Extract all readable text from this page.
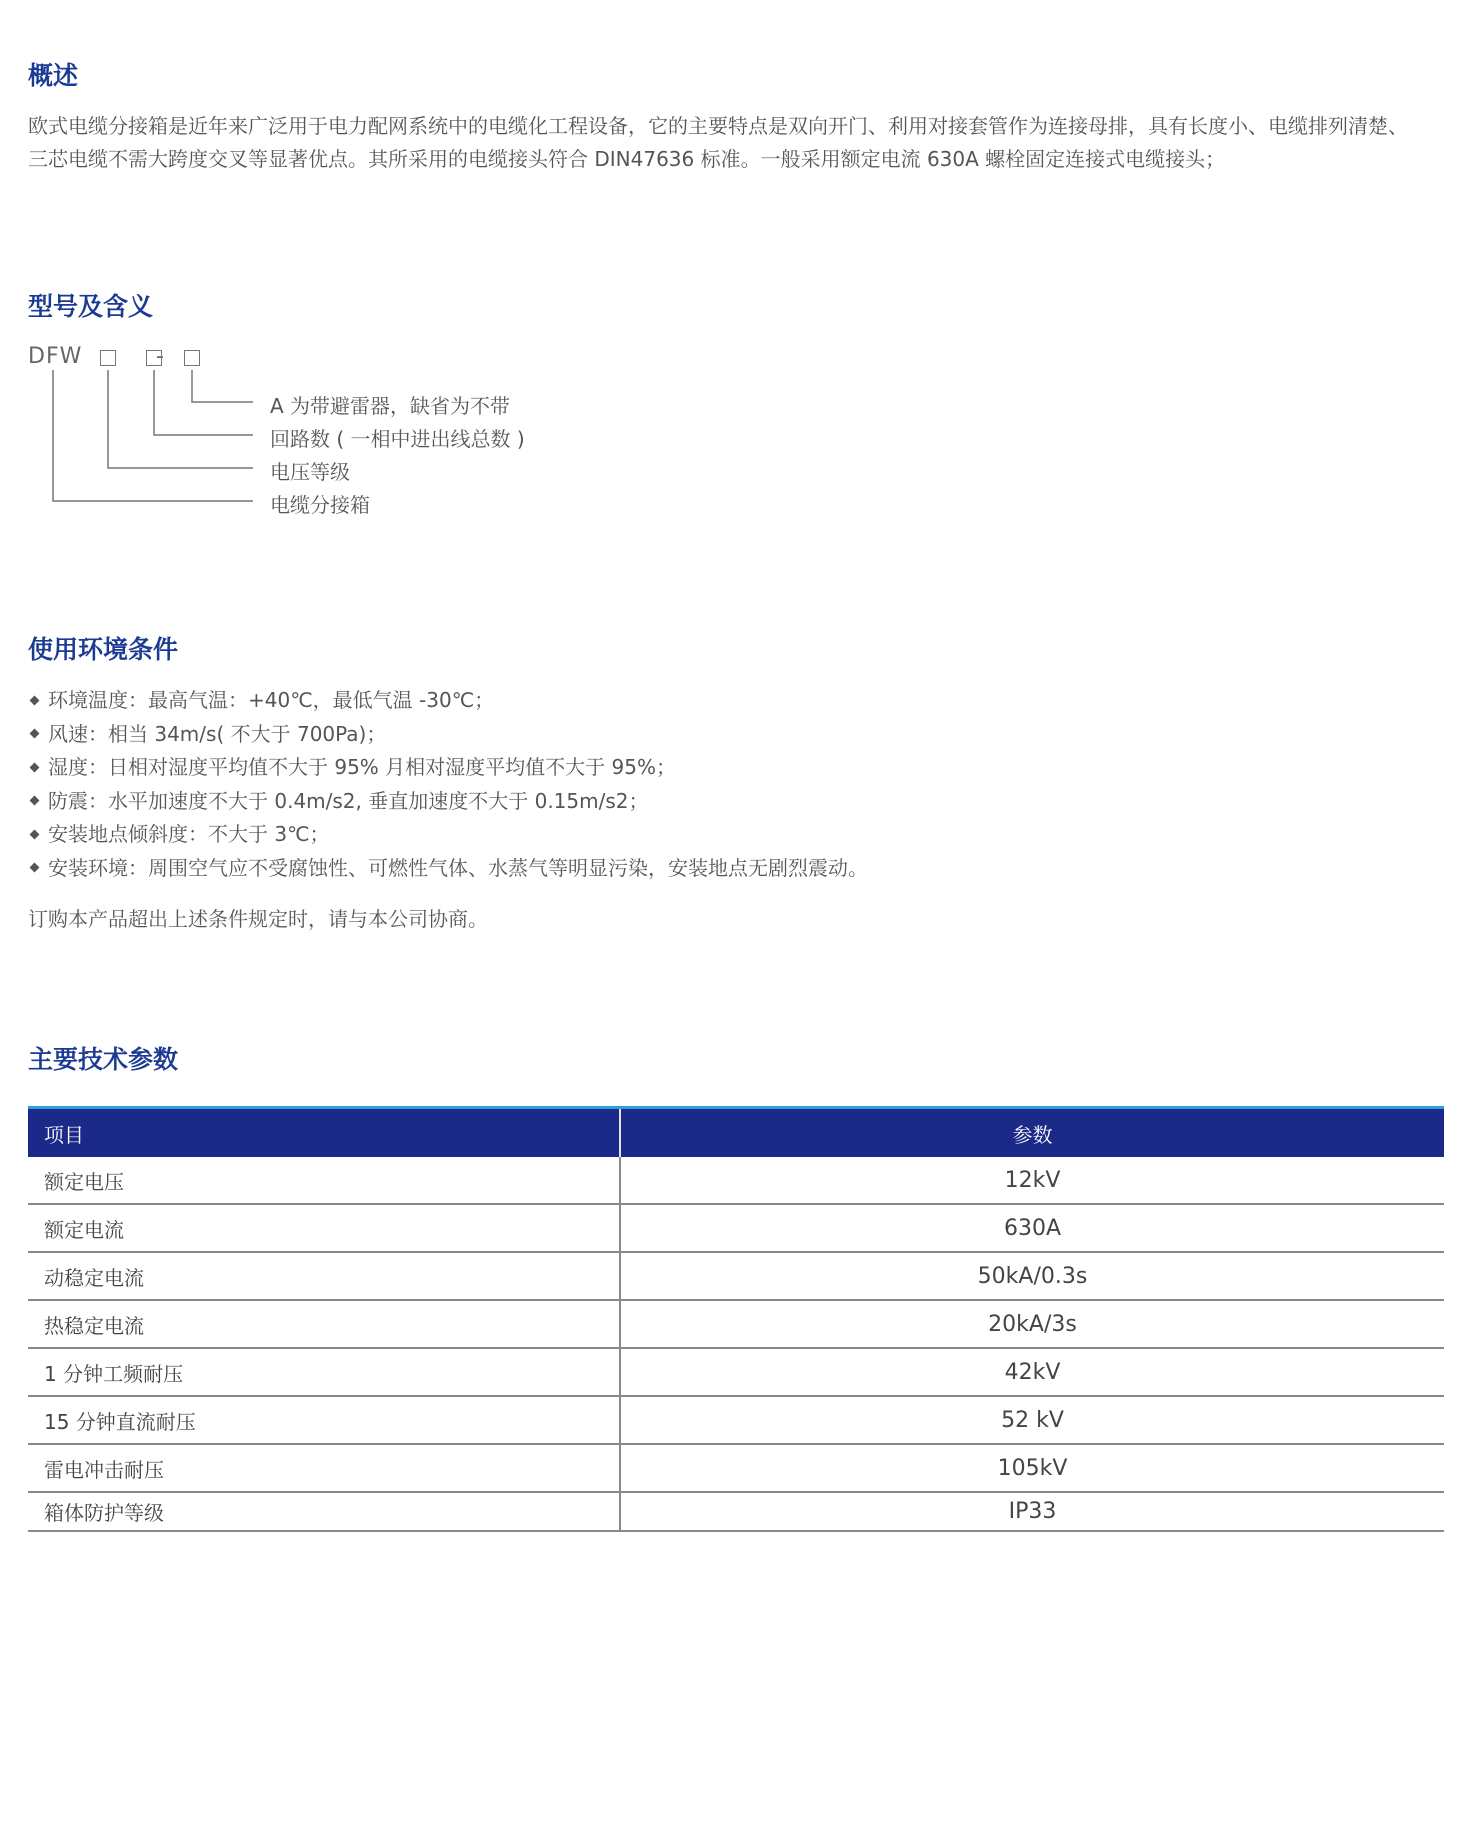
概述

欧式电缆分接箱是近年来广泛用于电力配网系统中的电缆化工程设备，它的主要特点是双向开门、利用对接套管作为连接母排，具有长度小、电缆排列清楚、
三芯电缆不需大跨度交叉等显著优点。其所采用的电缆接头符合 DIN47636 标准。一般采用额定电流 630A 螺栓固定连接式电缆接头；

型号及含义
DFW	-
A 为带避雷器，缺省为不带
回路数 ( 一相中进出线总数 )
电压等级
电缆分接箱
使用环境条件
环境温度：最高气温：+40℃，最低气温 -30℃；
风速：相当 34m/s( 不大于 700Pa)；
湿度：日相对湿度平均值不大于 95% 月相对湿度平均值不大于 95%；
防震：水平加速度不大于 0.4m/s2, 垂直加速度不大于 0.15m/s2；
安装地点倾斜度：不大于 3℃；
安装环境：周围空气应不受腐蚀性、可燃性气体、水蒸气等明显污染，安装地点无剧烈震动。

订购本产品超出上述条件规定时，请与本公司协商。

主要技术参数
项目	参数
额定电压	12kV
额定电流	630A
动稳定电流	50kA/0.3s
热稳定电流	20kA/3s
1 分钟工频耐压	42kV
15 分钟直流耐压	52 kV
雷电冲击耐压	105kV
箱体防护等级	IP33
